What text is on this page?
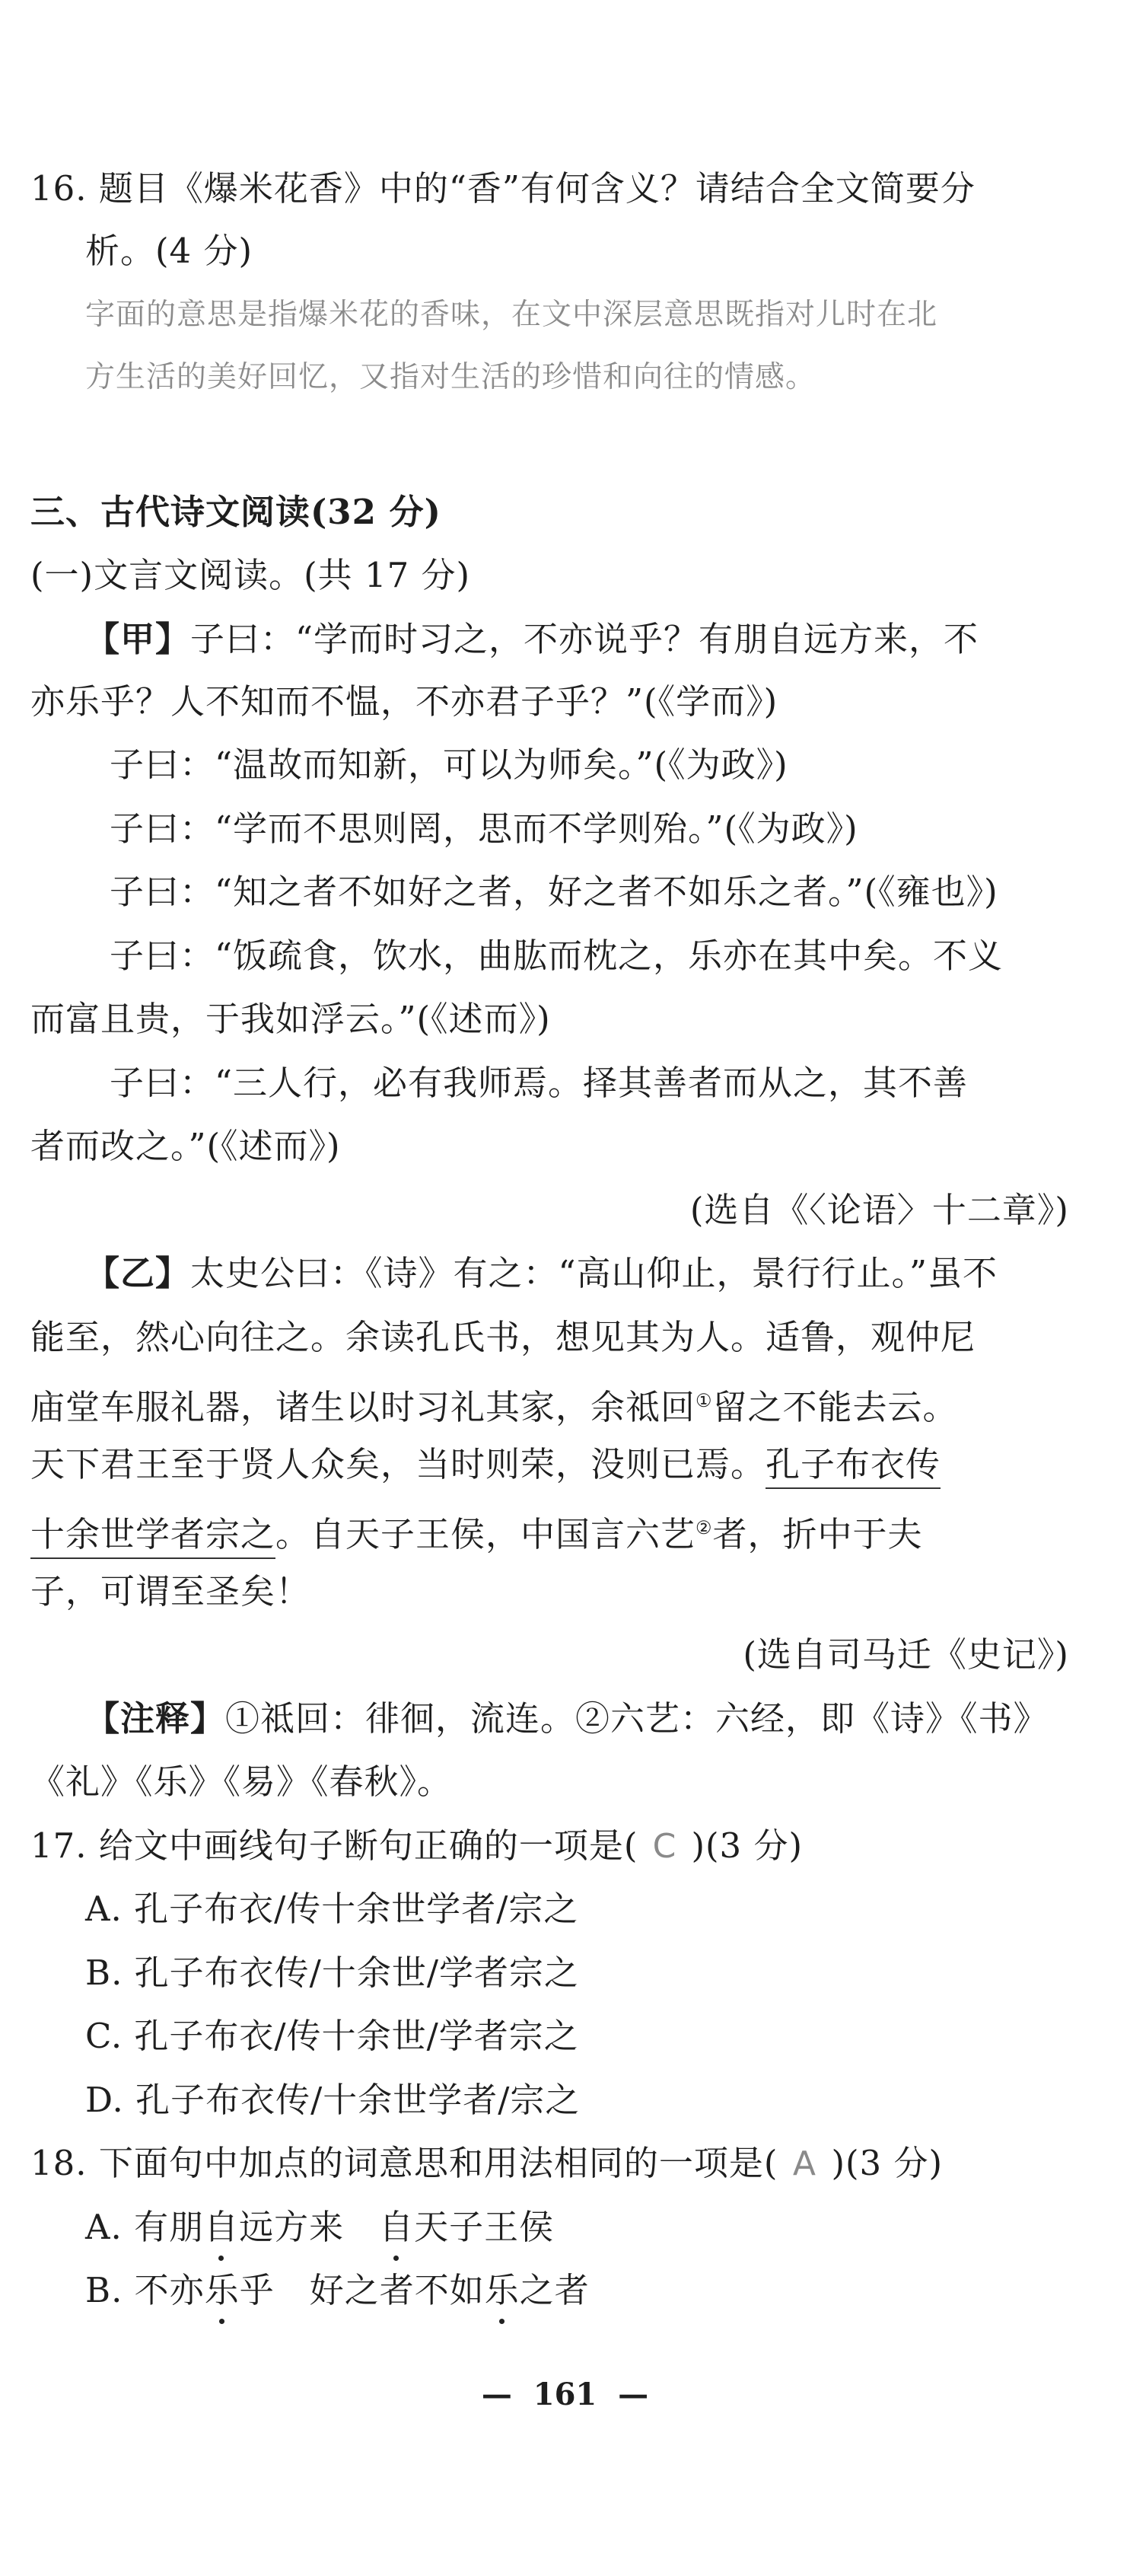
16. 题目《爆米花香》中的“香”有何含义？请结合全文简要分
析。(4 分)
字面的意思是指爆米花的香味，在文中深层意思既指对儿时在北
方生活的美好回忆，又指对生活的珍惜和向往的情感。
三、古代诗文阅读(32 分)
(一)文言文阅读。(共 17 分)
【甲】子曰：“学而时习之，不亦说乎？有朋自远方来，不
亦乐乎？人不知而不愠，不亦君子乎？”(《学而》)
子曰：“温故而知新，可以为师矣。”(《为政》)
子曰：“学而不思则罔，思而不学则殆。”(《为政》)
子曰：“知之者不如好之者，好之者不如乐之者。”(《雍也》)
子曰：“饭疏食，饮水，曲肱而枕之，乐亦在其中矣。不义
而富且贵，于我如浮云。”(《述而》)
子曰：“三人行，必有我师焉。择其善者而从之，其不善
者而改之。”(《述而》)
(选自《〈论语〉十二章》)
【乙】太史公曰：《诗》有之：“高山仰止，景行行止。”虽不
能至，然心向往之。余读孔氏书，想见其为人。适鲁，观仲尼
庙堂车服礼器，诸生以时习礼其家，余祗回①留之不能去云。
天下君王至于贤人众矣，当时则荣，没则已焉。孔子布衣传
十余世学者宗之。自天子王侯，中国言六艺②者，折中于夫
子，可谓至圣矣！
(选自司马迁《史记》)
【注释】①祗回：徘徊，流连。②六艺：六经，即《诗》《书》
《礼》《乐》《易》《春秋》。
17. 给文中画线句子断句正确的一项是( C )(3 分)
A. 孔子布衣/传十余世学者/宗之
B. 孔子布衣传/十余世/学者宗之
C. 孔子布衣/传十余世/学者宗之
D. 孔子布衣传/十余世学者/宗之
18. 下面句中加点的词意思和用法相同的一项是( A )(3 分)
A. 有朋自
远方来　自
天子王侯
B. 不亦乐
乎　好之者不如乐
之者
— 161 —
